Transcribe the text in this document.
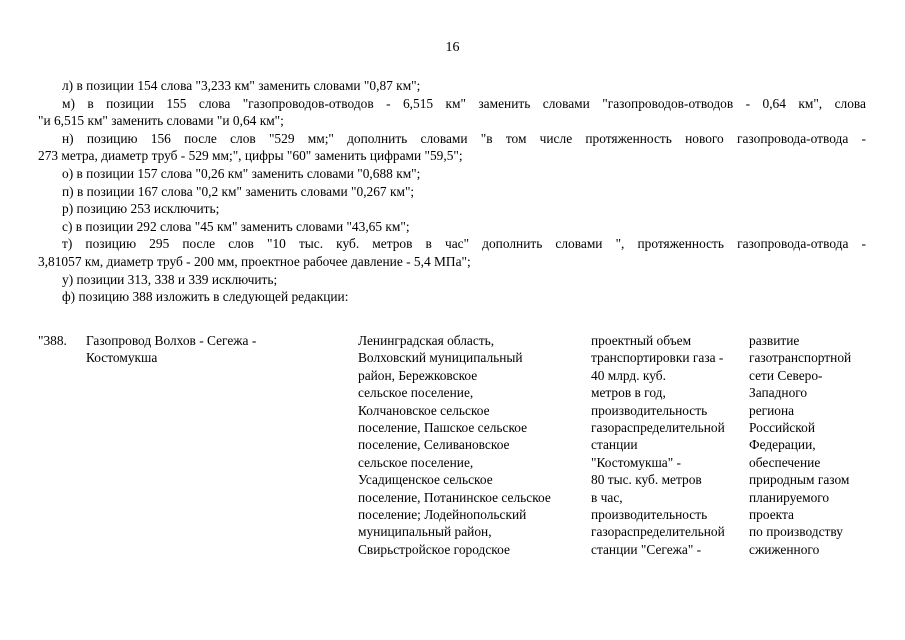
16
л) в позиции 154 слова "3,233 км" заменить словами "0,87 км";
м) в позиции 155 слова "газопроводов-отводов - 6,515 км" заменить словами "газопроводов-отводов - 0,64 км", слова
"и 6,515 км" заменить словами "и 0,64 км";
н) позицию 156 после слов "529 мм;" дополнить словами "в том числе протяженность нового газопровода-отвода -
273 метра, диаметр труб - 529 мм;", цифры "60" заменить цифрами "59,5";
о) в позиции 157 слова "0,26 км" заменить словами "0,688 км";
п) в позиции 167 слова "0,2 км" заменить словами "0,267 км";
р) позицию 253 исключить;
с) в позиции 292 слова "45 км" заменить словами "43,65 км";
т) позицию 295 после слов "10 тыс. куб. метров в час" дополнить словами ", протяженность газопровода-отвода -
3,81057 км, диаметр труб - 200 мм, проектное рабочее давление - 5,4 МПа";
у) позиции 313, 338 и 339 исключить;
ф) позицию 388 изложить в следующей редакции:
"388.	Газопровод Волхов - Сегежа -
Костомукша
Ленинградская область,
Волховский муниципальный
район, Бережковское
сельское поселение,
Колчановское сельское
поселение, Пашское сельское
поселение, Селивановское
сельское поселение,
Усадищенское сельское
поселение, Потанинское сельское
поселение; Лодейнопольский
муниципальный район,
Свирьстройское городское
проектный объем
транспортировки газа -
40 млрд. куб.
метров в год,
производительность
газораспределительной
станции
"Костомукша" -
80 тыс. куб. метров
в час,
производительность
газораспределительной
станции "Сегежа" -
развитие
газотранспортной
сети Северо-
Западного
региона
Российской
Федерации,
обеспечение
природным газом
планируемого
проекта
по производству
сжиженного
